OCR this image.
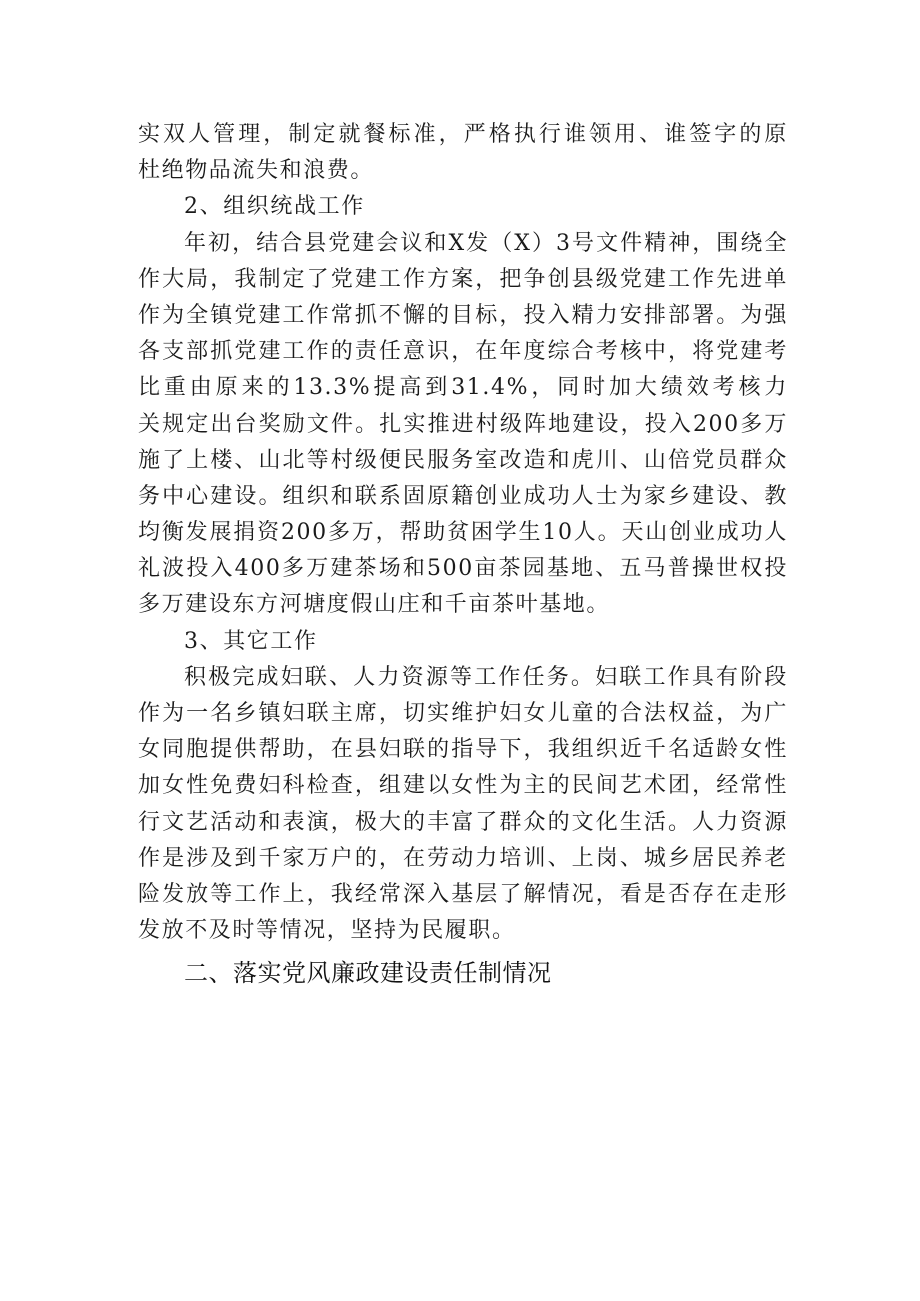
实双人管理，制定就餐标准，严格执行谁领用、谁签字的原
杜绝物品流失和浪费。
2、组织统战工作
年初，结合县党建会议和X发（X）3号文件精神，围绕全
作大局，我制定了党建工作方案，把争创县级党建工作先进单
作为全镇党建工作常抓不懈的目标，投入精力安排部署。为强
各支部抓党建工作的责任意识，在年度综合考核中，将党建考
比重由原来的13.3%提高到31.4%，同时加大绩效考核力
关规定出台奖励文件。扎实推进村级阵地建设，投入200多万
施了上楼、山北等村级便民服务室改造和虎川、山倍党员群众
务中心建设。组织和联系固原籍创业成功人士为家乡建设、教
均衡发展捐资200多万，帮助贫困学生10人。天山创业成功人
礼波投入400多万建茶场和500亩茶园基地、五马普操世权投
多万建设东方河塘度假山庄和千亩茶叶基地。
3、其它工作
积极完成妇联、人力资源等工作任务。妇联工作具有阶段
作为一名乡镇妇联主席，切实维护妇女儿童的合法权益，为广
女同胞提供帮助，在县妇联的指导下，我组织近千名适龄女性
加女性免费妇科检查，组建以女性为主的民间艺术团，经常性
行文艺活动和表演，极大的丰富了群众的文化生活。人力资源
作是涉及到千家万户的，在劳动力培训、上岗、城乡居民养老
险发放等工作上，我经常深入基层了解情况，看是否存在走形
发放不及时等情况，坚持为民履职。
二、落实党风廉政建设责任制情况
